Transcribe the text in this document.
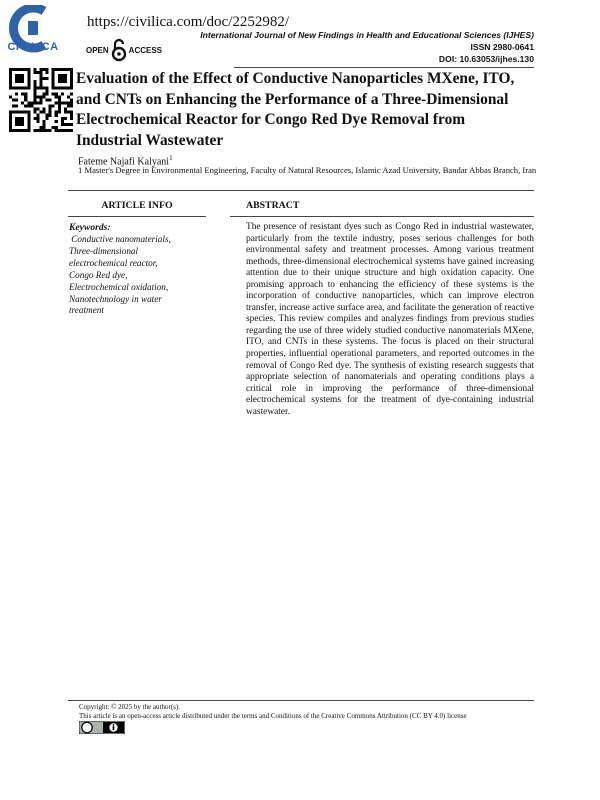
CIVILICA
https://civilica.com/doc/2252982/
International Journal of New Findings in Health and Educational Sciences (IJHES)
ISSN 2980-0641
DOI: 10.63053/ijhes.130
OPEN	ACCESS
Evaluation of the Effect of Conductive Nanoparticles MXene, ITO,
and CNTs on Enhancing the Performance of a Three-Dimensional
Electrochemical Reactor for Congo Red Dye Removal from
Industrial Wastewater
Fateme Najafi Kalyani$^1$
1 Master's Degree in Environmental Engineering, Faculty of Natural Resources, Islamic Azad University, Bandar Abbas Branch, Iran
ARTICLE INFO	ABSTRACT
Keywords:
Conductive nanomaterials,
Three-dimensional
electrochemical reactor,
Congo Red dye,
Electrochemical oxidation,
Nanotechnology in water
treatment
The presence of resistant dyes such as Congo Red in industrial wastewater, particularly from the textile industry, poses serious challenges for both environmental safety and treatment processes. Among various treatment methods, three-dimensional electrochemical systems have gained increasing attention due to their unique structure and high oxidation capacity. One promising approach to enhancing the efficiency of these systems is the incorporation of conductive nanoparticles, which can improve electron transfer, increase active surface area, and facilitate the generation of reactive species. This review compiles and analyzes findings from previous studies regarding the use of three widely studied conductive nanomaterials MXene, ITO, and CNTs in these systems. The focus is placed on their structural properties, influential operational parameters, and reported outcomes in the removal of Congo Red dye. The synthesis of existing research suggests that appropriate selection of nanomaterials and operating conditions plays a critical role in improving the performance of three-dimensional electrochemical systems for the treatment of dye-containing industrial wastewater.
Copyright: © 2025 by the author(s).
This article is an open-access article distributed under the terms and Conditions of the Creative Commons Attribution (CC BY 4.0) license
